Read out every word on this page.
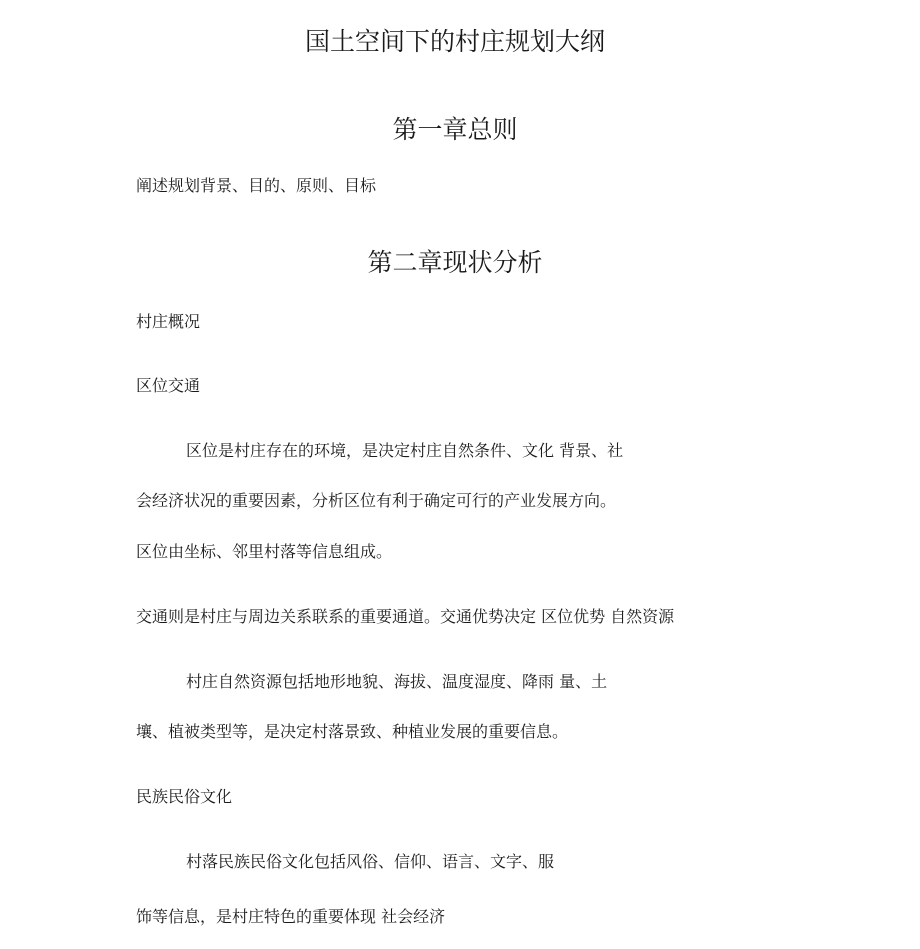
国土空间下的村庄规划大纲
第一章总则
阐述规划背景、目的、原则、目标
第二章现状分析
村庄概况
区位交通
区位是村庄存在的环境，是决定村庄自然条件、文化 背景、社
会经济状况的重要因素，分析区位有利于确定可行的产业发展方向。
区位由坐标、邻里村落等信息组成。
交通则是村庄与周边关系联系的重要通道。交通优势决定 区位优势 自然资源
村庄自然资源包括地形地貌、海拔、温度湿度、降雨 量、土
壤、植被类型等，是决定村落景致、种植业发展的重要信息。
民族民俗文化
村落民族民俗文化包括风俗、信仰、语言、文字、服
饰等信息，是村庄特色的重要体现 社会经济
